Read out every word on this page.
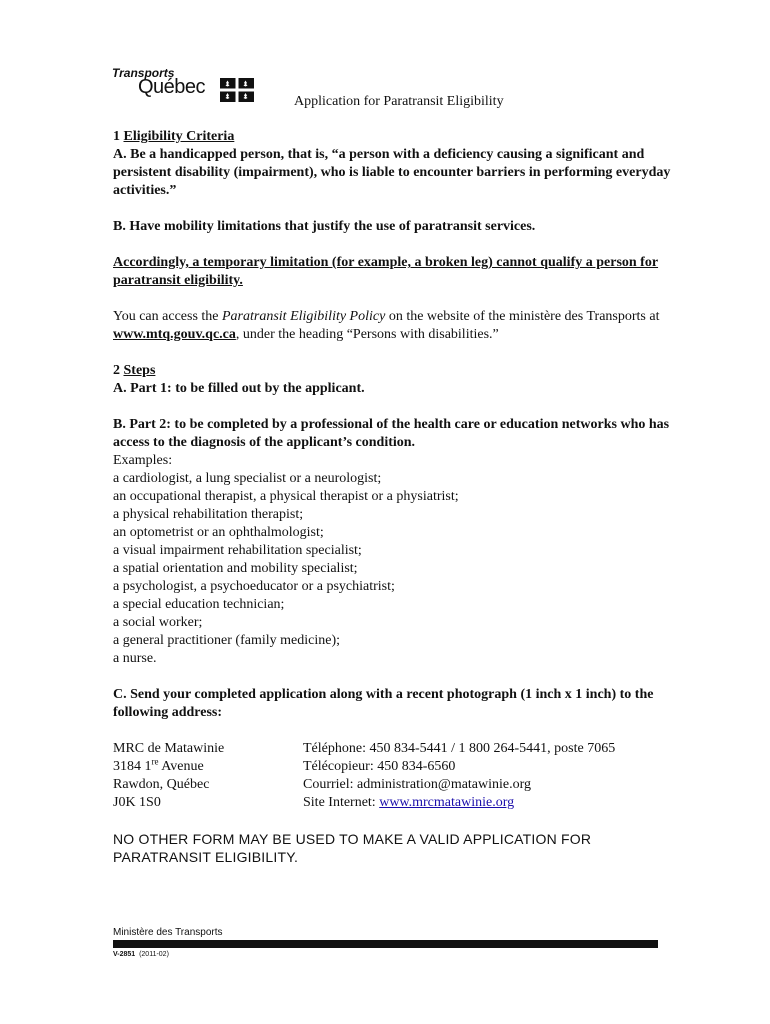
Transports
Québec
Application for Paratransit Eligibility

1 Eligibility Criteria

A. Be a handicapped person, that is, “a person with a deficiency causing a significant and persistent disability (impairment), who is liable to encounter barriers in performing everyday activities.”

B. Have mobility limitations that justify the use of paratransit services.

Accordingly, a temporary limitation (for example, a broken leg) cannot qualify a person for paratransit eligibility.

You can access the Paratransit Eligibility Policy on the website of the ministère des Transports at www.mtq.gouv.qc.ca, under the heading “Persons with disabilities.”

2 Steps

A. Part 1: to be filled out by the applicant.

B. Part 2: to be completed by a professional of the health care or education networks who has access to the diagnosis of the applicant’s condition.

Examples:

a cardiologist, a lung specialist or a neurologist;
an occupational therapist, a physical therapist or a physiatrist;
a physical rehabilitation therapist;
an optometrist or an ophthalmologist;
a visual impairment rehabilitation specialist;
a spatial orientation and mobility specialist;
a psychologist, a psychoeducator or a psychiatrist;
a special education technician;
a social worker;
a general practitioner (family medicine);
a nurse.

C. Send your completed application along with a recent photograph (1 inch x 1 inch) to the following address:

MRC de Matawinie
3184 1re Avenue
Rawdon, Québec
J0K 1S0
Téléphone: 450 834-5441 / 1 800 264-5441, poste 7065
Télécopieur: 450 834-6560
Courriel: administration@matawinie.org
Site Internet: www.mrcmatawinie.org

NO OTHER FORM MAY BE USED TO MAKE A VALID APPLICATION FOR PARATRANSIT ELIGIBILITY.

Ministère des Transports
V-2851 (2011-02)
